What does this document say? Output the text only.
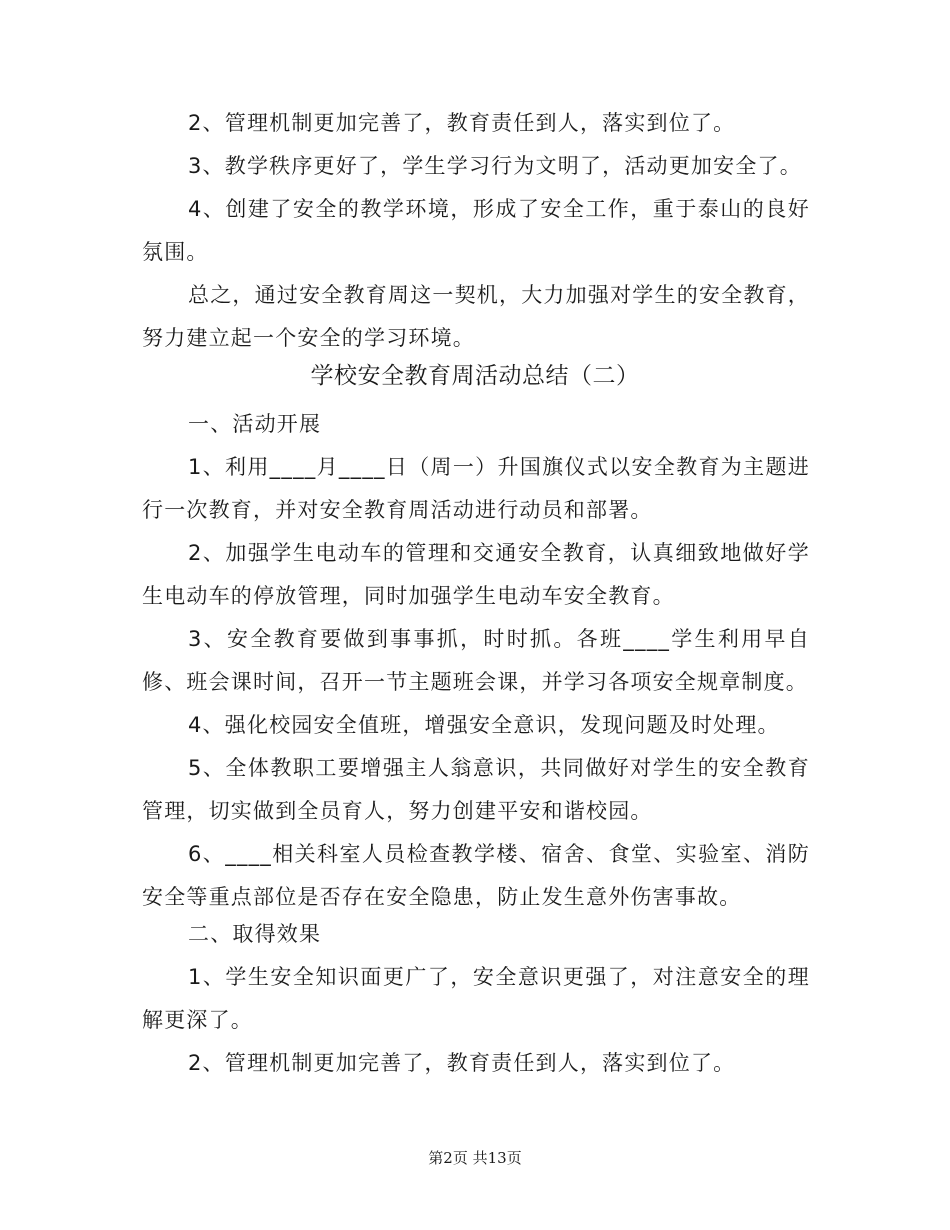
2、管理机制更加完善了，教育责任到人，落实到位了。

3、教学秩序更好了，学生学习行为文明了，活动更加安全了。

4、创建了安全的教学环境，形成了安全工作，重于泰山的良好氛围。

总之，通过安全教育周这一契机，大力加强对学生的安全教育，努力建立起一个安全的学习环境。

学校安全教育周活动总结（二）

一、活动开展

1、利用____月____日（周一）升国旗仪式以安全教育为主题进行一次教育，并对安全教育周活动进行动员和部署。

2、加强学生电动车的管理和交通安全教育，认真细致地做好学生电动车的停放管理，同时加强学生电动车安全教育。

3、安全教育要做到事事抓，时时抓。各班____学生利用早自修、班会课时间，召开一节主题班会课，并学习各项安全规章制度。

4、强化校园安全值班，增强安全意识，发现问题及时处理。

5、全体教职工要增强主人翁意识，共同做好对学生的安全教育管理，切实做到全员育人，努力创建平安和谐校园。

6、____相关科室人员检查教学楼、宿舍、食堂、实验室、消防安全等重点部位是否存在安全隐患，防止发生意外伤害事故。

二、取得效果

1、学生安全知识面更广了，安全意识更强了，对注意安全的理解更深了。

2、管理机制更加完善了，教育责任到人，落实到位了。

第2页 共13页
